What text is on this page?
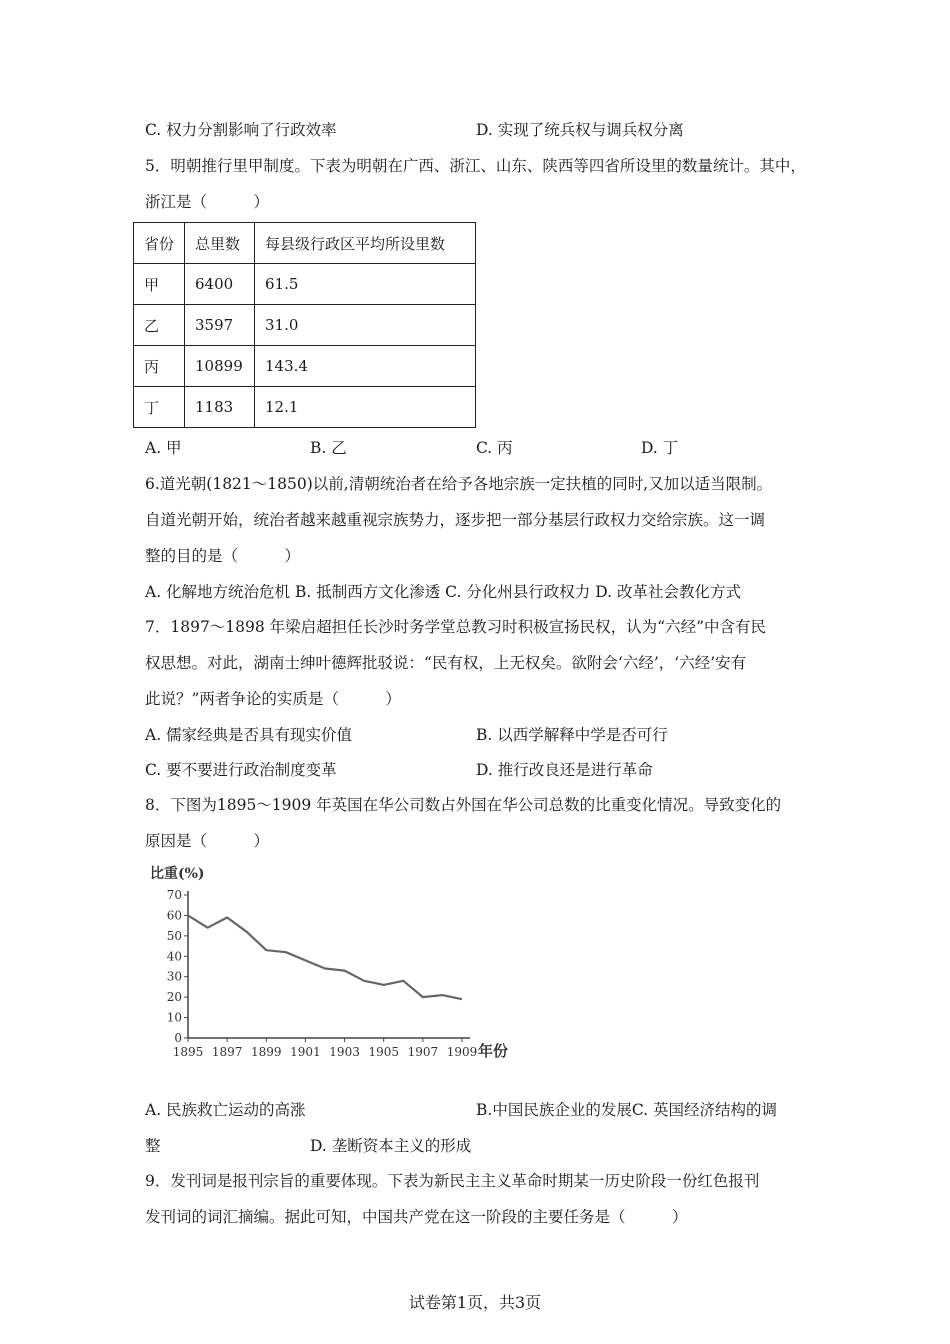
C. 权力分割影响了行政效率	D. 实现了统兵权与调兵权分离
5．明朝推行里甲制度。下表为明朝在广西、浙江、山东、陕西等四省所设里的数量统计。其中，
浙江是（　　　）
省份	总里数	每县级行政区平均所设里数
甲	6400	61.5
乙	3597	31.0
丙	10899	143.4
丁	1183	12.1
A. 甲	B. 乙	C. 丙	D. 丁
6.道光朝(1821～1850)以前,清朝统治者在给予各地宗族一定扶植的同时,又加以适当限制。
自道光朝开始，统治者越来越重视宗族势力，逐步把一部分基层行政权力交给宗族。这一调
整的目的是（　　　）
A. 化解地方统治危机 B. 抵制西方文化渗透 C. 分化州县行政权力 D. 改革社会教化方式
7．1897～1898 年梁启超担任长沙时务学堂总教习时积极宣扬民权，认为“六经”中含有民
权思想。对此，湖南士绅叶德辉批驳说：“民有权，上无权矣。欲附会‘六经’，‘六经’安有
此说？”两者争论的实质是（　　　）
A. 儒家经典是否具有现实价值	B. 以西学解释中学是否可行
C. 要不要进行政治制度变革	D. 推行改良还是进行革命
8．下图为1895～1909 年英国在华公司数占外国在华公司总数的比重变化情况。导致变化的
原因是（　　　）
比重(%)
0
10
20
30
40
50
60
70
1895 1897 1899 1901 1903 1905 1907 1909 年份
A. 民族救亡运动的高涨	B.中国民族企业的发展C. 英国经济结构的调
整	D. 垄断资本主义的形成
9．发刊词是报刊宗旨的重要体现。下表为新民主主义革命时期某一历史阶段一份红色报刊
发刊词的词汇摘编。据此可知，中国共产党在这一阶段的主要任务是（　　　）
试卷第1页，共3页
